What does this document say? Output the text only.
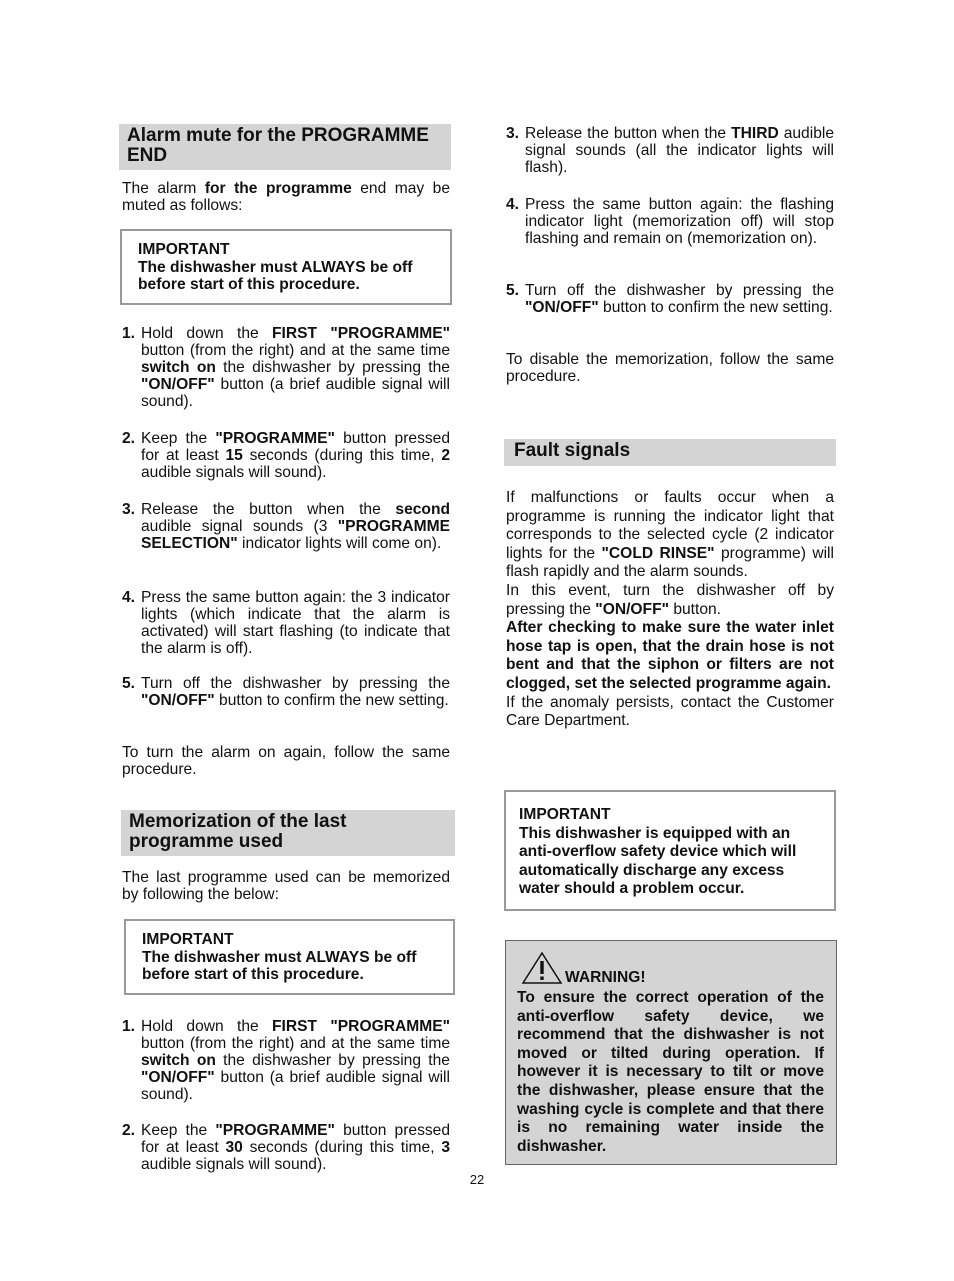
Alarm mute for the PROGRAMME END

The alarm for the programme end may be muted as follows:

IMPORTANT
The dishwasher must ALWAYS be off before start of this procedure.
1. Hold down the FIRST "PROGRAMME" button (from the right) and at the same time switch on the dishwasher by pressing the "ON/OFF" button (a brief audible signal will sound).

2. Keep the "PROGRAMME" button pressed for at least 15 seconds (during this time, 2 audible signals will sound).

3. Release the button when the second audible signal sounds (3 "PROGRAMME SELECTION" indicator lights will come on).

4. Press the same button again: the 3 indicator lights (which indicate that the alarm is activated) will start flashing (to indicate that the alarm is off).

5. Turn off the dishwasher by pressing the "ON/OFF" button to confirm the new setting.

To turn the alarm on again, follow the same procedure.

Memorization of the last programme used

The last programme used can be memorized by following the below:

IMPORTANT
The dishwasher must ALWAYS be off before start of this procedure.
1. Hold down the FIRST "PROGRAMME" button (from the right) and at the same time switch on the dishwasher by pressing the "ON/OFF" button (a brief audible signal will sound).

2. Keep the "PROGRAMME" button pressed for at least 30 seconds (during this time, 3 audible signals will sound).

3. Release the button when the THIRD audible signal sounds (all the indicator lights will flash).

4. Press the same button again: the flashing indicator light (memorization off) will stop flashing and remain on (memorization on).

5. Turn off the dishwasher by pressing the "ON/OFF" button to confirm the new setting.

To disable the memorization, follow the same procedure.

Fault signals

If malfunctions or faults occur when a programme is running the indicator light that corresponds to the selected cycle (2 indicator lights for the "COLD RINSE" programme) will flash rapidly and the alarm sounds.

In this event, turn the dishwasher off by pressing the "ON/OFF" button.

After checking to make sure the water inlet hose tap is open, that the drain hose is not bent and that the siphon or filters are not clogged, set the selected programme again.

If the anomaly persists, contact the Customer Care Department.

IMPORTANT
This dishwasher is equipped with an anti-overflow safety device which will automatically discharge any excess water should a problem occur.
WARNING!
To ensure the correct operation of the anti-overflow safety device, we recommend that the dishwasher is not moved or tilted during operation. If however it is necessary to tilt or move the dishwasher, please ensure that the washing cycle is complete and that there is no remaining water inside the dishwasher.
22
